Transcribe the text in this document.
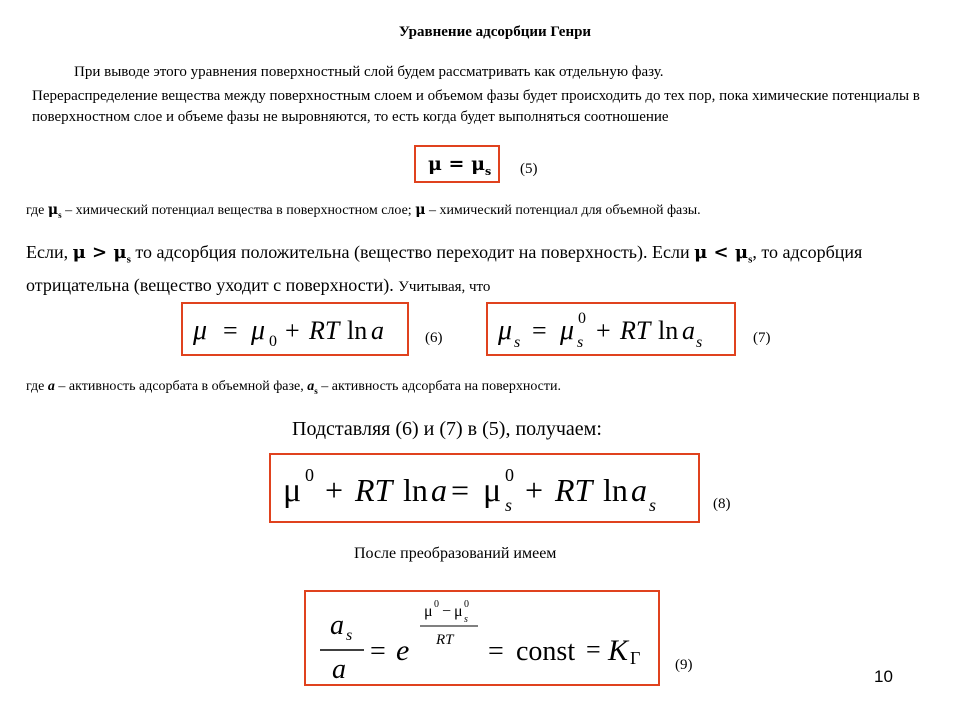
Уравнение адсорбции Генри
При выводе этого уравнения поверхностный слой будем рассматривать как отдельную фазу.
Перераспределение вещества между поверхностным слоем и объемом фазы будет происходить до тех пор, пока химические потенциалы в поверхностном слое и объеме фазы не выровняются, то есть когда будет выполняться соотношение
$\mu = \mu_s$ (5)
где $\mu_s$ – химический потенциал вещества в поверхностном слое; μ – химический потенциал для объемной фазы.
Если, $\mu > \mu_s$ то адсорбция положительна (вещество переходит на поверхность). Если $\mu < \mu_s$, то адсорбция отрицательна (вещество уходит с поверхности). Учитывая, что
μ = μ 0 + RT ln a	(6) μ s = μ 0
s + RT ln a s	(7)
где a – активность адсорбата в объемной фазе, $a_s$ – активность адсорбата на поверхности.
Подставляя (6) и (7) в (5), получаем:
μ 0 + RT ln a = μ 0
s + RT ln a s	(8)
После преобразований имеем
a s
a
= e
μ 0 − μ 0
s
RT = const = K Г (9)
10
